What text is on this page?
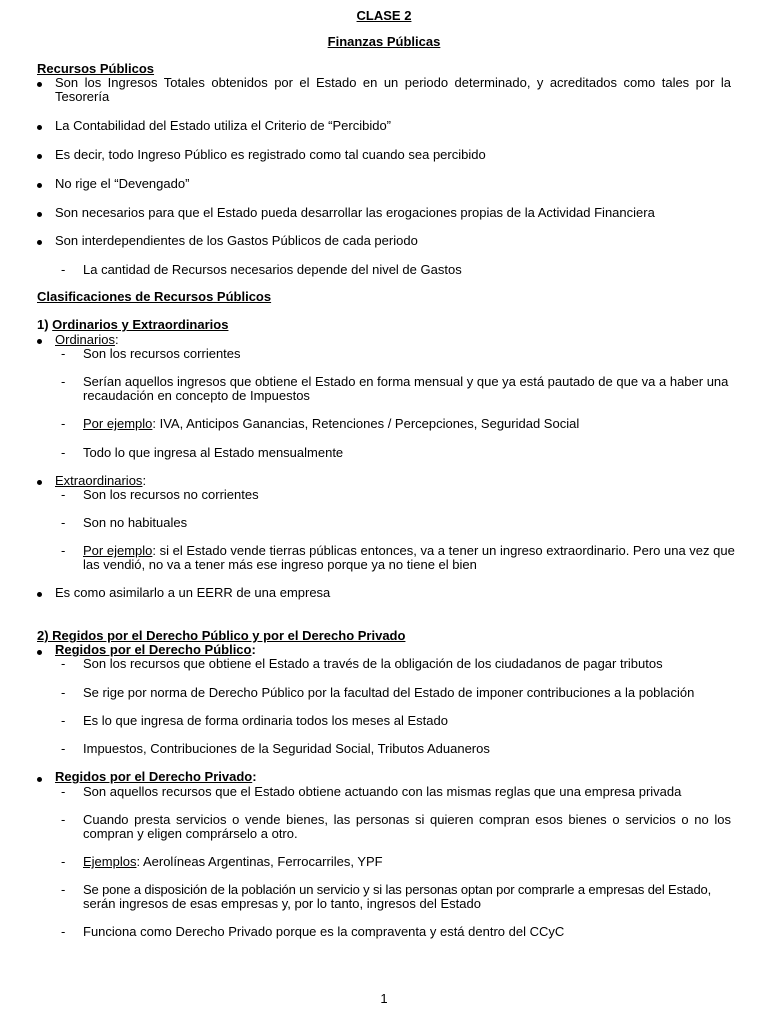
CLASE 2
Finanzas Públicas
Recursos Públicos
Son los Ingresos Totales obtenidos por el Estado en un periodo determinado, y acreditados como tales por la
Tesorería
La Contabilidad del Estado utiliza el Criterio de “Percibido”
Es decir, todo Ingreso Público es registrado como tal cuando sea percibido
No rige el “Devengado”
Son necesarios para que el Estado pueda desarrollar las erogaciones propias de la Actividad Financiera
Son interdependientes de los Gastos Públicos de cada periodo
- La cantidad de Recursos necesarios depende del nivel de Gastos
Clasificaciones de Recursos Públicos
1) Ordinarios y Extraordinarios
Ordinarios:
- Son los recursos corrientes
- Serían aquellos ingresos que obtiene el Estado en forma mensual y que ya está pautado de que va a haber una
recaudación en concepto de Impuestos
- Por ejemplo: IVA, Anticipos Ganancias, Retenciones / Percepciones, Seguridad Social
- Todo lo que ingresa al Estado mensualmente
Extraordinarios:
- Son los recursos no corrientes
- Son no habituales
- Por ejemplo: si el Estado vende tierras públicas entonces, va a tener un ingreso extraordinario. Pero una vez que
las vendió, no va a tener más ese ingreso porque ya no tiene el bien
Es como asimilarlo a un EERR de una empresa
2) Regidos por el Derecho Público y por el Derecho Privado
Regidos por el Derecho Público:
- Son los recursos que obtiene el Estado a través de la obligación de los ciudadanos de pagar tributos
- Se rige por norma de Derecho Público por la facultad del Estado de imponer contribuciones a la población
- Es lo que ingresa de forma ordinaria todos los meses al Estado
- Impuestos, Contribuciones de la Seguridad Social, Tributos Aduaneros
Regidos por el Derecho Privado:
- Son aquellos recursos que el Estado obtiene actuando con las mismas reglas que una empresa privada
- Cuando presta servicios o vende bienes, las personas si quieren compran esos bienes o servicios o no los
compran y eligen comprárselo a otro.
- Ejemplos: Aerolíneas Argentinas, Ferrocarriles, YPF
- Se pone a disposición de la población un servicio y si las personas optan por comprarle a empresas del Estado,
serán ingresos de esas empresas y, por lo tanto, ingresos del Estado
- Funciona como Derecho Privado porque es la compraventa y está dentro del CCyC
1
